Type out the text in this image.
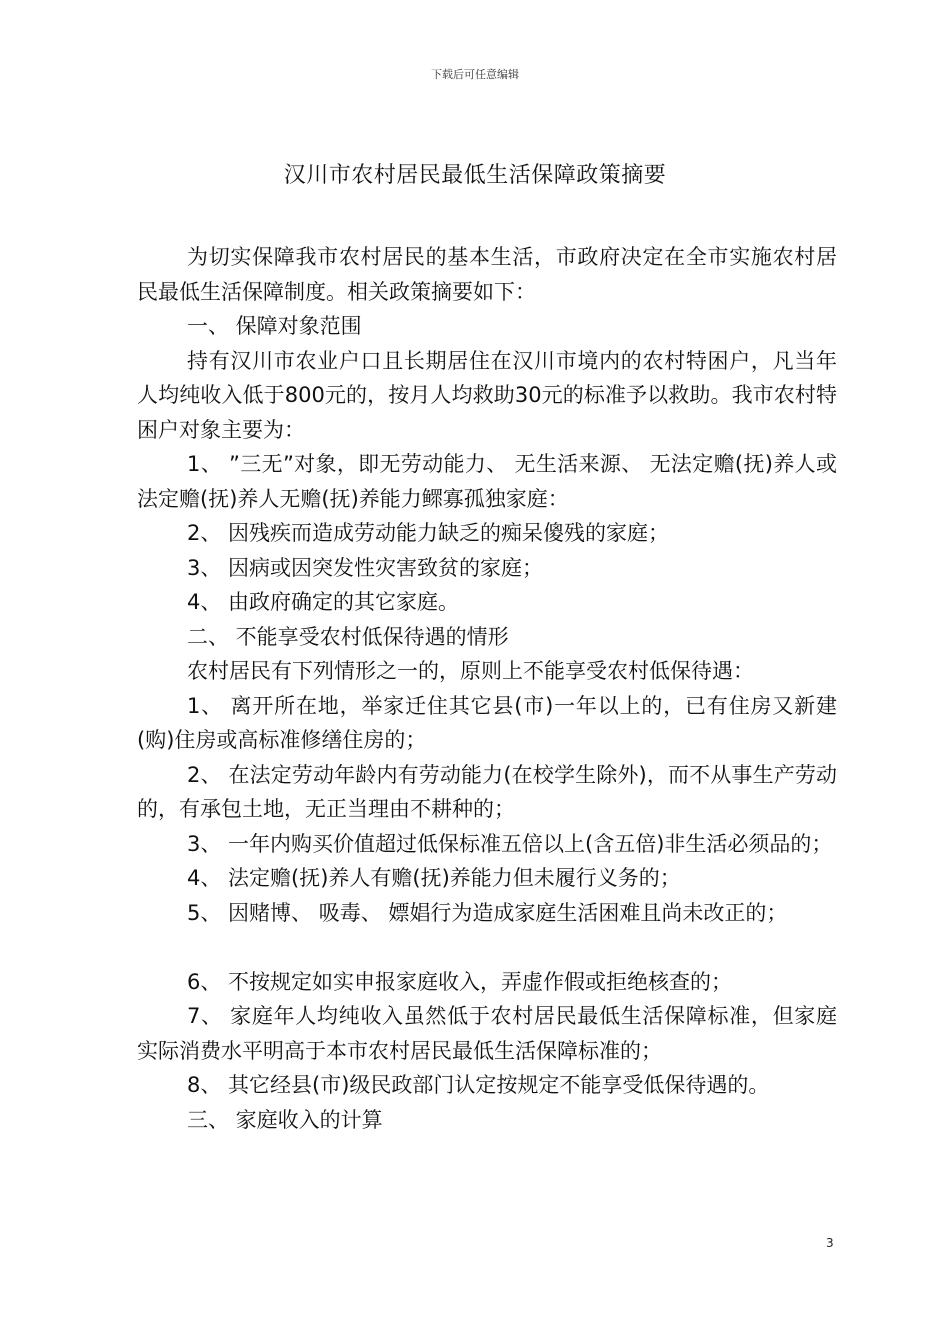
下载后可任意编辑
汉川市农村居民最低生活保障政策摘要

为切实保障我市农村居民的基本生活，市政府决定在全市实施农村居民最低生活保障制度。相关政策摘要如下：

一、 保障对象范围

持有汉川市农业户口且长期居住在汉川市境内的农村特困户，凡当年人均纯收入低于800元的，按月人均救助30元的标准予以救助。我市农村特困户对象主要为：

1、 ”三无”对象，即无劳动能力、 无生活来源、 无法定赡(抚)养人或法定赡(抚)养人无赡(抚)养能力鳏寡孤独家庭：

2、 因残疾而造成劳动能力缺乏的痴呆傻残的家庭；

3、 因病或因突发性灾害致贫的家庭；

4、 由政府确定的其它家庭。

二、 不能享受农村低保待遇的情形

农村居民有下列情形之一的，原则上不能享受农村低保待遇：

1、 离开所在地，举家迁住其它县(市)一年以上的，已有住房又新建(购)住房或高标准修缮住房的；

2、 在法定劳动年龄内有劳动能力(在校学生除外)，而不从事生产劳动的，有承包土地，无正当理由不耕种的；

3、 一年内购买价值超过低保标准五倍以上(含五倍)非生活必须品的；

4、 法定赡(抚)养人有赡(抚)养能力但未履行义务的；

5、 因赌博、 吸毒、 嫖娼行为造成家庭生活困难且尚未改正的；

6、 不按规定如实申报家庭收入，弄虚作假或拒绝核查的；

7、 家庭年人均纯收入虽然低于农村居民最低生活保障标准，但家庭实际消费水平明高于本市农村居民最低生活保障标准的；

8、 其它经县(市)级民政部门认定按规定不能享受低保待遇的。

三、 家庭收入的计算

3
